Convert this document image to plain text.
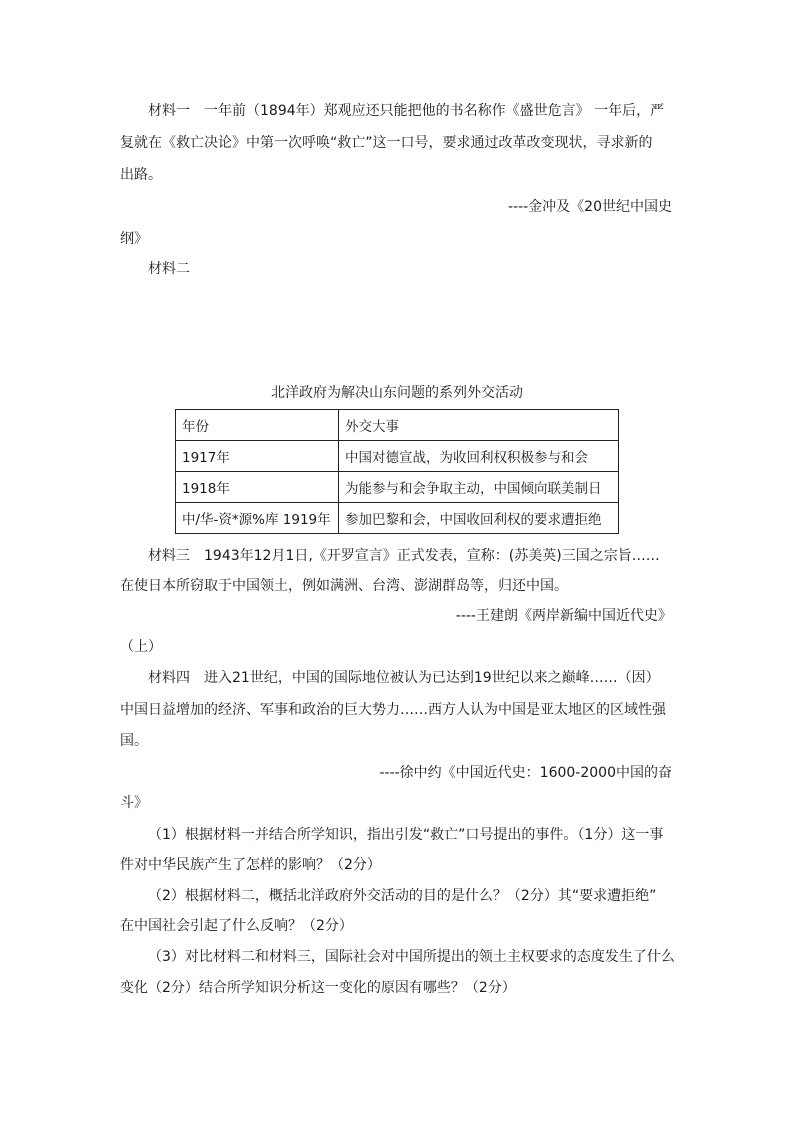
材料一　一年前（1894年）郑观应还只能把他的书名称作《盛世危言》 一年后，严
复就在《救亡决论》中第一次呼唤“救亡”这一口号，要求通过改革改变现状，寻求新的
出路。
----金冲及《20世纪中国史
纲》
材料二
北洋政府为解决山东问题的系列外交活动
年份	外交大事
1917年	中国对德宣战，为收回利权积极参与和会
1918年	为能参与和会争取主动，中国倾向联美制日
中/华-资*源%库 1919年	参加巴黎和会，中国收回利权的要求遭拒绝
材料三　1943年12月1日,《开罗宣言》正式发表，宣称：(苏美英)三国之宗旨……
在使日本所窃取于中国领土，例如满洲、台湾、澎湖群岛等，归还中国。
----王建朗《两岸新编中国近代史》
（上）
材料四　进入21世纪，中国的国际地位被认为已达到19世纪以来之巅峰……（因）
中国日益增加的经济、军事和政治的巨大势力……西方人认为中国是亚太地区的区域性强
国。
----徐中约《中国近代史：1600-2000中国的奋
斗》
（1）根据材料一并结合所学知识，指出引发“救亡”口号提出的事件。（1分）这一事
件对中华民族产生了怎样的影响？（2分）
（2）根据材料二，概括北洋政府外交活动的目的是什么？（2分）其“要求遭拒绝”
在中国社会引起了什么反响？（2分）
（3）对比材料二和材料三，国际社会对中国所提出的领土主权要求的态度发生了什么
变化（2分）结合所学知识分析这一变化的原因有哪些？（2分）
